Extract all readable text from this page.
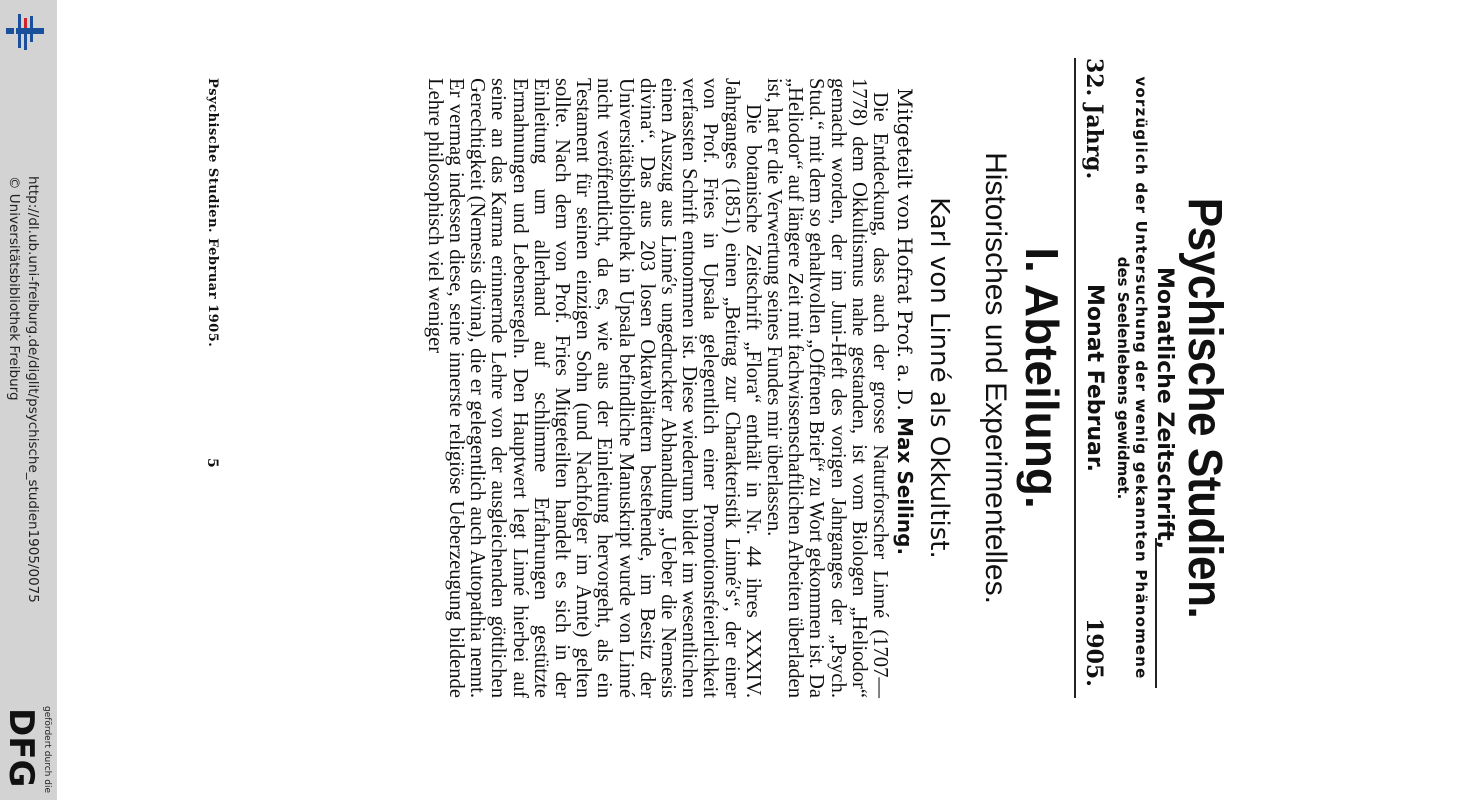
http://dl.ub.uni-freiburg.de/diglit/psychische_studien1905/0075
© Universitätsbibliothek Freiburg
gefördert durch die
DFG
Psychische Studien.
Monatliche Zeitschrift,
vorzüglich der Untersuchung der wenig gekannten Phänomene
des Seelenlebens gewidmet.
32. Jahrg.
Monat Februar.
1905.
I. Abteilung.
Historisches und Experimentelles.
Karl von Linné als Okkultist.
Mitgeteilt von Hofrat Prof. a. D. Max Seiling.

Die Entdeckung, dass auch der grosse Naturforscher Linné (1707—1778) dem Okkultismus nahe gestanden, ist vom Biologen „Heliodor“ gemacht worden, der im Juni-Heft des vorigen Jahrganges der „Psych. Stud.“ mit dem so gehaltvollen „Offenen Brief“ zu Wort gekommen ist. Da „Heliodor“ auf längere Zeit mit fachwissenschaftlichen Arbeiten überladen ist, hat er die Verwertung seines Fundes mir überlassen.

Die botanische Zeitschrift „Flora“ enthält in Nr. 44 ihres XXXIV. Jahrganges (1851) einen „Beitrag zur Charakteristik Linné's“, der einer von Prof. Fries in Upsala gelegentlich einer Promotionsfeierlichkeit verfassten Schrift entnommen ist. Diese wiederum bildet im wesentlichen einen Auszug aus Linné's ungedruckter Abhandlung „Ueber die Nemesis divina“. Das aus 203 losen Oktavblättern bestehende, im Besitz der Universitätsbibliothek in Upsala befindliche Manuskript wurde von Linné nicht veröffentlicht, da es, wie aus der Einleitung hervorgeht, als ein Testament für seinen einzigen Sohn (und Nachfolger im Amte) gelten sollte. Nach dem von Prof. Fries Mitgeteilten handelt es sich in der Einleitung um allerhand auf schlimme Erfahrungen gestützte Ermahnungen und Lebensregeln. Den Hauptwert legt Linné hierbei auf seine an das Karma erinnernde Lehre von der ausgleichenden göttlichen Gerechtigkeit (Nemesis divina), die er gelegentlich auch Autopathia nennt. Er vermag indessen diese, seine innerste religiöse Ueberzeugung bildende Lehre philosophisch viel weniger

Psychische Studien. Februar 1905.
5
